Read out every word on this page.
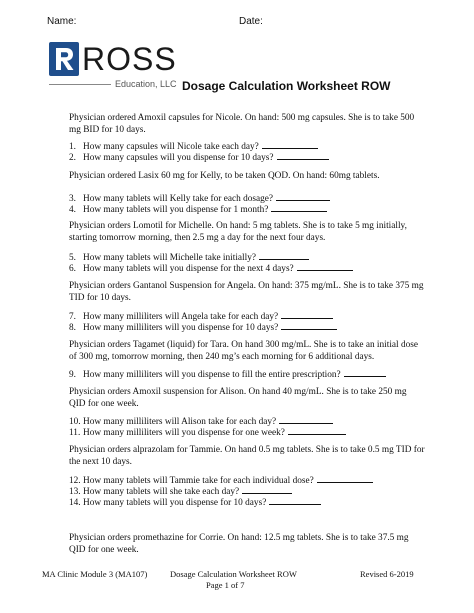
Name:	Date:
ROSS
Education, LLC Dosage Calculation Worksheet ROW
Physician ordered Amoxil capsules for Nicole. On hand: 500 mg capsules. She is to take 500 mg BID for 10 days.
1. How many capsules will Nicole take each day?
2. How many capsules will you dispense for 10 days?
Physician ordered Lasix 60 mg for Kelly, to be taken QOD. On hand: 60mg tablets.
3. How many tablets will Kelly take for each dosage?
4. How many tablets will you dispense for 1 month?
Physician orders Lomotil for Michelle. On hand: 5 mg tablets. She is to take 5 mg initially, starting tomorrow morning, then 2.5 mg a day for the next four days.
5. How many tablets will Michelle take initially?
6. How many tablets will you dispense for the next 4 days?
Physician orders Gantanol Suspension for Angela. On hand: 375 mg/mL. She is to take 375 mg TID for 10 days.
7. How many milliliters will Angela take for each day?
8. How many milliliters will you dispense for 10 days?
Physician orders Tagamet (liquid) for Tara. On hand 300 mg/mL. She is to take an initial dose of 300 mg, tomorrow morning, then 240 mg’s each morning for 6 additional days.
9. How many milliliters will you dispense to fill the entire prescription?
Physician orders Amoxil suspension for Alison. On hand 40 mg/mL. She is to take 250 mg QID for one week.
10. How many milliliters will Alison take for each day?
11. How many milliliters will you dispense for one week?
Physician orders alprazolam for Tammie. On hand 0.5 mg tablets. She is to take 0.5 mg TID for the next 10 days.
12. How many tablets will Tammie take for each individual dose?
13. How many tablets will she take each day?
14. How many tablets will you dispense for 10 days?
Physician orders promethazine for Corrie. On hand: 12.5 mg tablets. She is to take 37.5 mg QID for one week.
MA Clinic Module 3 (MA107)	Dosage Calculation Worksheet ROW
Page 1 of 7
Revised 6-2019
